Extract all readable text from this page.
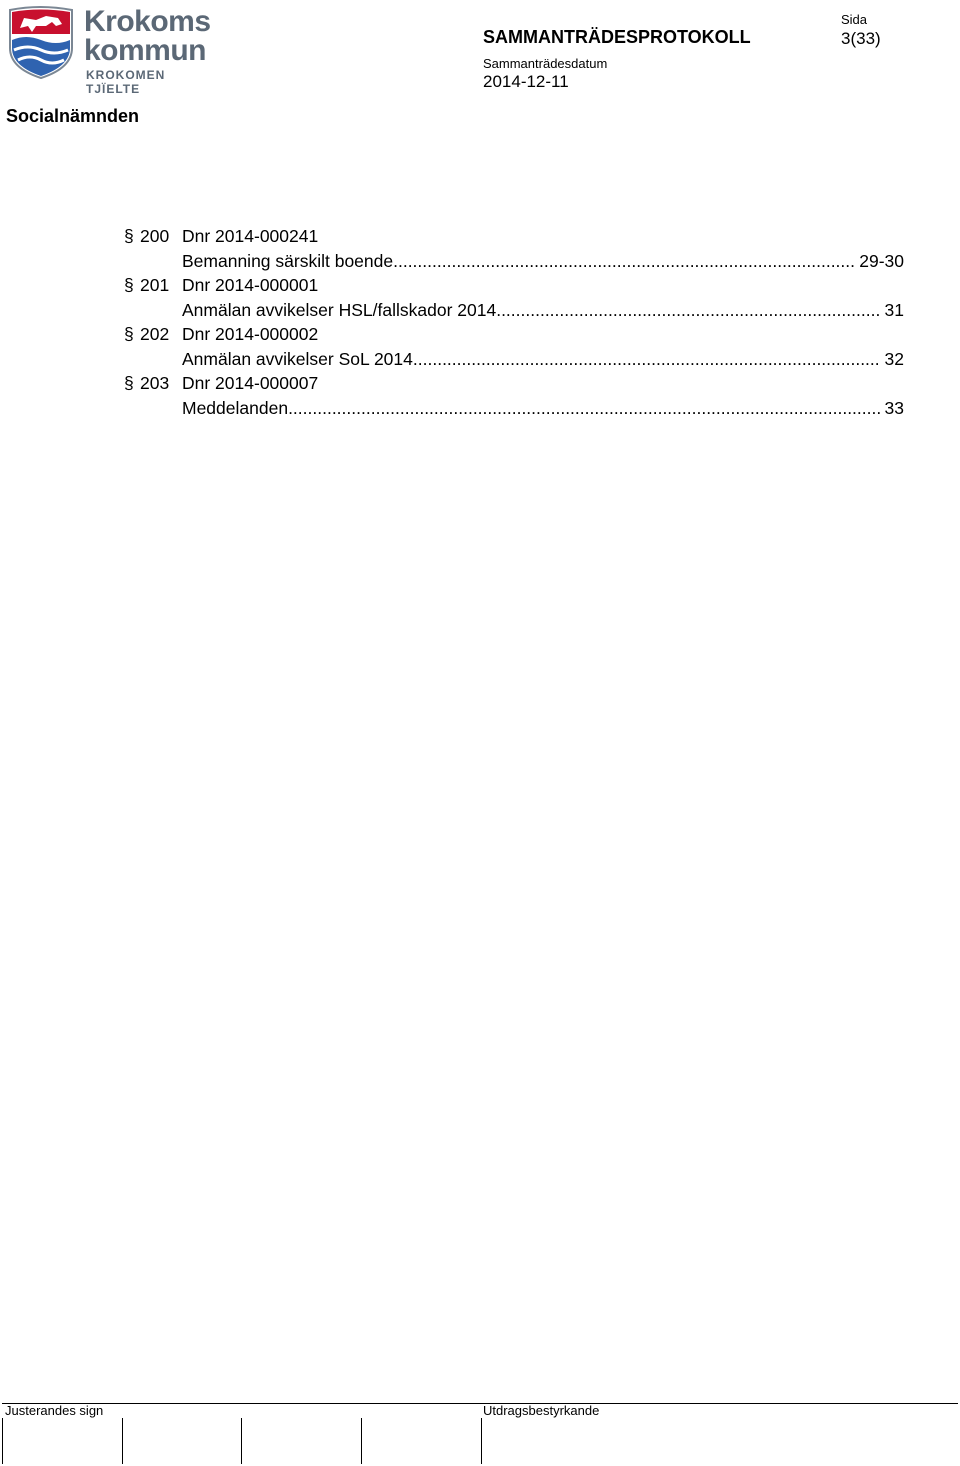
Krokoms
kommun
KROKOMEN TJÏELTE
Socialnämnden
SAMMANTRÄDESPROTOKOLL
Sida
3(33)
Sammanträdesdatum
2014-12-11
§ 200 Dnr 2014-000241
Bemanning särskilt boende .....	29-30
§ 201 Dnr 2014-000001
Anmälan avvikelser HSL/fallskador 2014 .....	31
§ 202 Dnr 2014-000002
Anmälan avvikelser SoL 2014 .....	32
§ 203 Dnr 2014-000007
Meddelanden .....	33
Justerandes sign	Utdragsbestyrkande
